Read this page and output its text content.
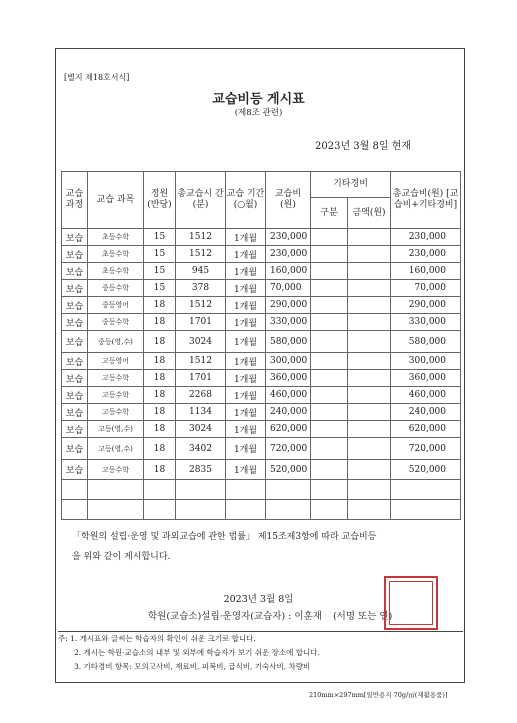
[별지 제18호서식]
교습비등 게시표
(제8조 관련)
2023년 3월 8일 현재
교습 과정	교습 과목	정원 (반당)	총교습시 간(분)	교습 기간 (○월)	교습비 (원)	기타경비		총교습비(원) [교습비+기타경비]
						구분	금액(원)	
보습	초등수학	15	1512	1개월	230,000			230,000
보습	초등수학	15	1512	1개월	230,000			230,000
보습	초등수학	15	945	1개월	160,000			160,000
보습	중등수학	15	378	1개월	70,000			70,000
보습	중등영어	18	1512	1개월	290,000			290,000
보습	중등수학	18	1701	1개월	330,000			330,000
보습	중등(영,수)	18	3024	1개월	580,000			580,000
보습	고등영어	18	1512	1개월	300,000			300,000
보습	고등수학	18	1701	1개월	360,000			360,000
보습	고등수학	18	2268	1개월	460,000			460,000
보습	고등수학	18	1134	1개월	240,000			240,000
보습	고등(영,수)	18	3024	1개월	620,000			620,000
보습	고등(영,수)	18	3402	1개월	720,000			720,000
보습	고등수학	18	2835	1개월	520,000			520,000

「학원의 설립·운영 및 과외교습에 관한 법률」 제15조제3항에 따라 교습비등
을 위와 같이 게시합니다.
2023년 3월 8일
학원(교습소)설립·운영자(교습자) : 이훈재 (서명 또는 인)
주: 1. 게시표와 글씨는 학습자의 확인이 쉬운 크기로 합니다.
2. 게시는 학원·교습소의 내부 및 외부에 학습자가 보기 쉬운 장소에 합니다.
3. 기타경비 항목: 모의고사비, 재료비, 피복비, 급식비, 기숙사비, 차량비
210mm×297mm[일반용지 70g/㎡(재활용품)]
